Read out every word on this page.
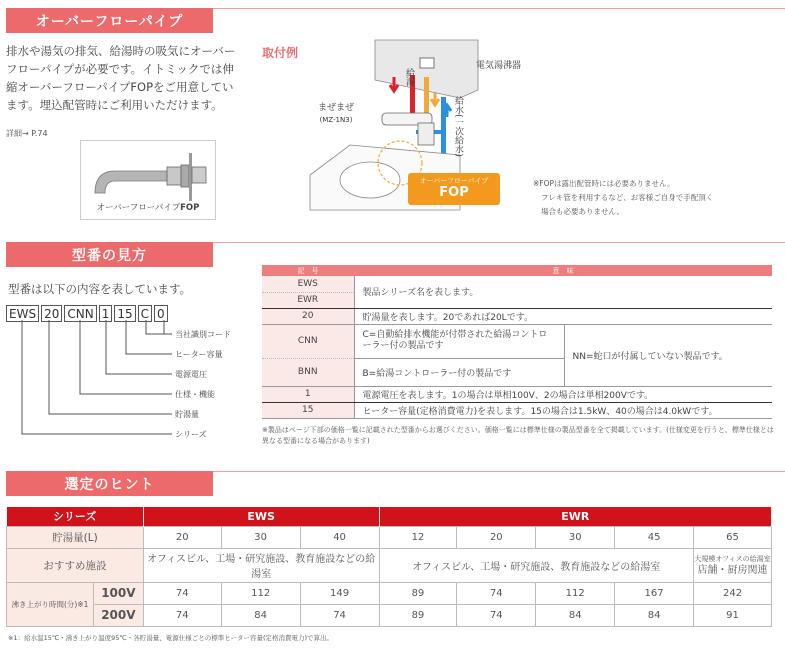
オーバーフローパイプ
排水や湯気の排気、給湯時の吸気にオーバーフローパイプが必要です。イトミックでは伸縮オーバーフローパイプFOPをご用意しています。埋込配管時にご利用いただけます。
詳細→ P.74
オーバーフローパイプFOP
取付例
電気湯沸器
給湯
給水(一次給水)
まぜまぜ
(MZ-1N3)
オーバーフローパイプ
FOP
※FOPは露出配管時には必要ありません。
フレキ管を利用するなど、お客様ご自身で手配頂く
場合も必要ありません。
型番の見方
型番は以下の内容を表しています。
EWS 20 CNN 1 15 C 0
当社識別コード
ヒーター容量
電源電圧
仕様・機能
貯湯量
シリーズ
記　号	意　味	
EWS	製品シリーズ名を表します。	
EWR		
20	貯湯量を表します。20であれば20Lです。	
CNN	C=自動給排水機能が付帯された給湯コントローラー付の製品です	NN=蛇口が付属していない製品です。
BNN	B=給湯コントローラー付の製品です	
1	電源電圧を表します。1の場合は単相100V、2の場合は単相200Vです。	
15	ヒーター容量(定格消費電力)を表します。15の場合は1.5kW、40の場合は4.0kWです。	
※製品はページ下部の価格一覧に記載された型番からお選びください。価格一覧には標準仕様の製品型番を全て掲載しています。(仕様変更を行うと、標準仕様とは異なる型番になる場合があります)
選定のヒント
シリーズ		EWS			EWR				
貯湯量(L)		20	30	40	12	20	30	45	65
おすすめ施設		オフィスビル、工場・研究施設、教育施設などの給湯室			オフィスビル、工場・研究施設、教育施設などの給湯室				大規模オフィスの給湯室
店舗・厨房関連

沸き上がり時間(分)※1	100V	74	112	149	89	74	112	167	242
	200V	74	84	74	89	74	84	84	91
※1：給水温15℃・沸き上がり温度95℃・各貯湯量、電源仕様ごとの標準ヒーター容量(定格消費電力)で算出。
